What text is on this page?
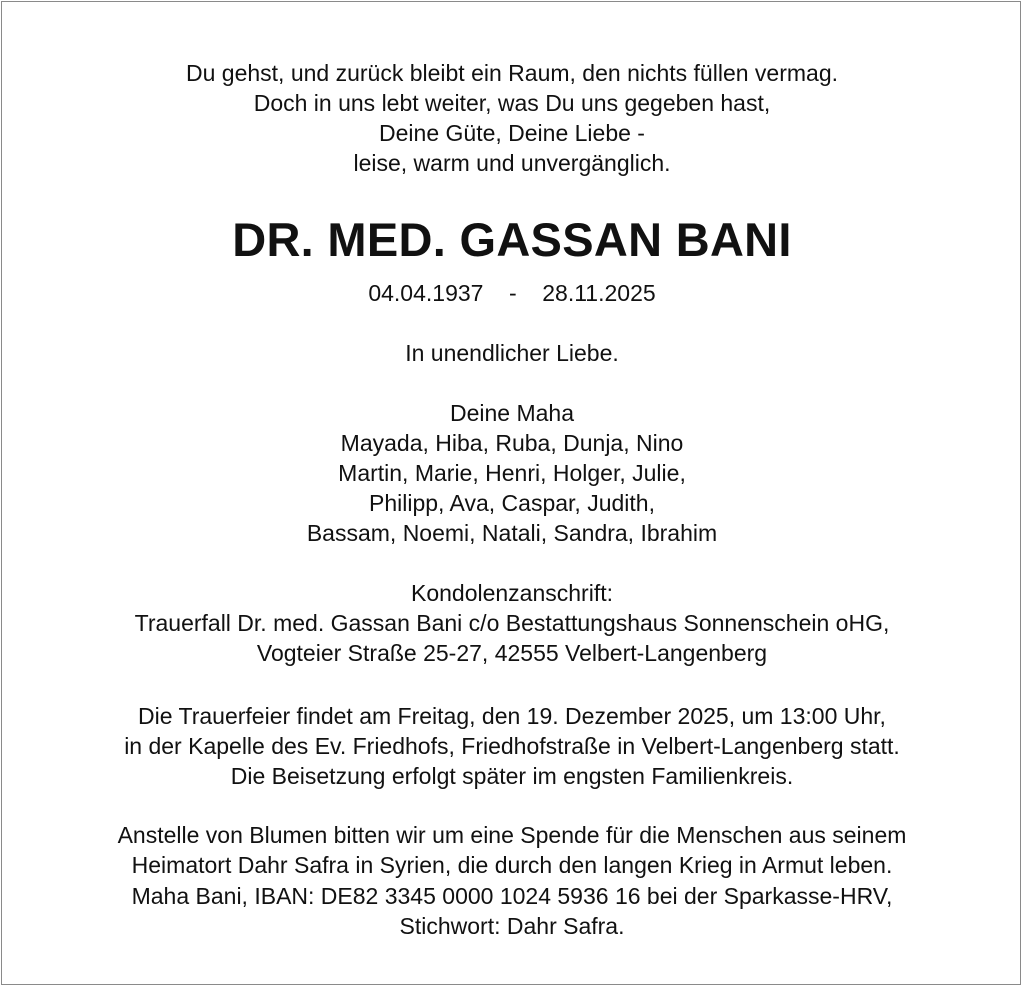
Du gehst, und zurück bleibt ein Raum, den nichts füllen vermag.
Doch in uns lebt weiter, was Du uns gegeben hast,
Deine Güte, Deine Liebe -
leise, warm und unvergänglich.
DR. MED. GASSAN BANI
04.04.1937 - 28.11.2025
In unendlicher Liebe.
Deine Maha
Mayada, Hiba, Ruba, Dunja, Nino
Martin, Marie, Henri, Holger, Julie,
Philipp, Ava, Caspar, Judith,
Bassam, Noemi, Natali, Sandra, Ibrahim
Kondolenzanschrift:
Trauerfall Dr. med. Gassan Bani c/o Bestattungshaus Sonnenschein oHG,
Vogteier Straße 25-27, 42555 Velbert-Langenberg
Die Trauerfeier findet am Freitag, den 19. Dezember 2025, um 13:00 Uhr,
in der Kapelle des Ev. Friedhofs, Friedhofstraße in Velbert-Langenberg statt.
Die Beisetzung erfolgt später im engsten Familienkreis.
Anstelle von Blumen bitten wir um eine Spende für die Menschen aus seinem
Heimatort Dahr Safra in Syrien, die durch den langen Krieg in Armut leben.
Maha Bani, IBAN: DE82 3345 0000 1024 5936 16 bei der Sparkasse-HRV,
Stichwort: Dahr Safra.
